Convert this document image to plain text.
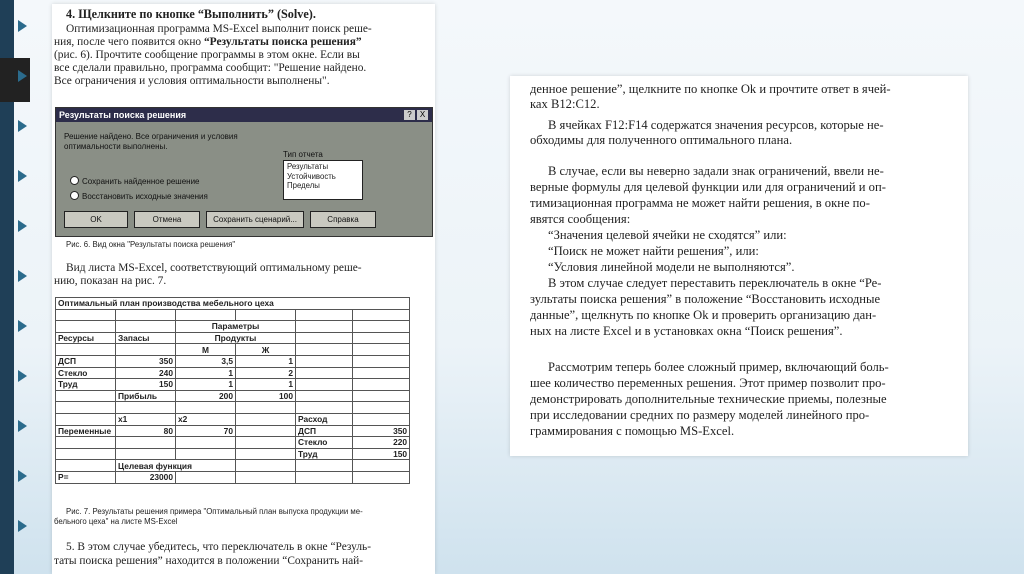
4. Щелкните по кнопке “Выполнить” (Solve).
Оптимизационная программа MS-Excel выполнит поиск реше-
ния, после чего появится окно “Результаты поиска решения”
(рис. 6). Прочтите сообщение программы в этом окне. Если вы
все сделали правильно, программа сообщит: "Решение найдено.
Все ограничения и условия оптимальности выполнены".
Результаты поиска решения	?	X
Решение найдено. Все ограничения и условия
оптимальности выполнены.
Тип отчета
Результаты
Устойчивость
Пределы
Сохранить найденное решение
Восстановить исходные значения
OK	Отмена	Сохранить сценарий...	Справка
Рис. 6. Вид окна "Результаты поиска решения"
Вид листа MS-Excel, соответствующий оптимальному реше-
нию, показан на рис. 7.
Оптимальный план производства мебельного цеха					

		Параметры			
Ресурсы	Запасы	Продукты			
		М	Ж		
ДСП	350	3,5	1		
Стекло	240	1	2		
Труд	150	1	1		
	Прибыль	200	100		

	x1	x2		Расход	
Переменные	80	70		ДСП	350
				Стекло	220
				Труд	150
	Целевая функция				
P=	23000				
Рис. 7. Результаты решения примера "Оптимальный план выпуска продукции ме-
бельного цеха" на листе MS-Excel
5. В этом случае убедитесь, что переключатель в окне “Резуль-
таты поиска решения” находится в положении “Сохранить най-
денное решение”, щелкните по кнопке Ok и прочтите ответ в ячей-
ках B12:C12.
В ячейках F12:F14 содержатся значения ресурсов, которые не-
обходимы для полученного оптимального плана.
В случае, если вы неверно задали знак ограничений, ввели не-
верные формулы для целевой функции или для ограничений и оп-
тимизационная программа не может найти решения, в окне по-
явятся сообщения:
“Значения целевой ячейки не сходятся” или:
“Поиск не может найти решения”, или:
“Условия линейной модели не выполняются”.
В этом случае следует переставить переключатель в окне “Ре-
зультаты поиска решения” в положение “Восстановить исходные
данные”, щелкнуть по кнопке Ok и проверить организацию дан-
ных на листе Excel и в установках окна “Поиск решения”.
Рассмотрим теперь более сложный пример, включающий боль-
шее количество переменных решения. Этот пример позволит про-
демонстрировать дополнительные технические приемы, полезные
при исследовании средних по размеру моделей линейного про-
граммирования с помощью MS-Excel.
